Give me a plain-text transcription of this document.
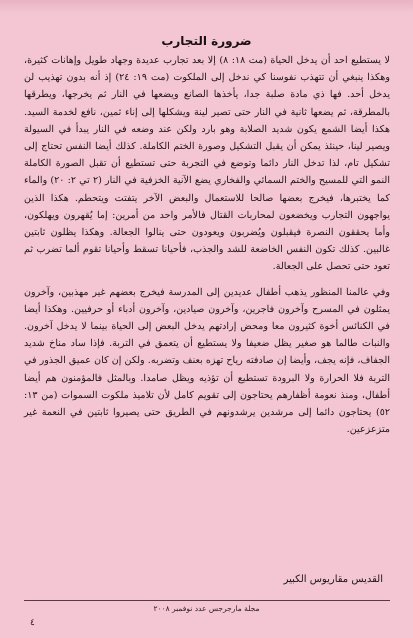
ضرورة التجارب

لا يستطيع احد أن يدخل الحياة (مت ١٨: ٨) إلا بعد تجارب عديدة وجهاد طويل وإهانات كثيرة، وهكذا ينبغي أن تتهذب نفوسنا كي ندخل إلى الملكوت (مت ١٩: ٢٤) إذ أنه بدون تهذيب لن يدخل أحد. فها ذي مادة صلبة جدا، يأخذها الصانع ويضعها في النار ثم يخرجها، ويطرقها بالمطرقة، ثم يضعها ثانية في النار حتى تصير لينة ويشكلها إلى إناء ثمين، نافع لخدمة السيد. هكذا أيضا الشمع يكون شديد الصلابة وهو بارد ولكن عند وضعه في النار يبدأ في السيولة ويصير لينا، حينئذ يمكن أن يقبل التشكيل وصورة الختم الكاملة. كذلك أيضا النفس تحتاج إلى تشكيل تام، لذا تدخل النار دائما وتوضع في التجربة حتى تستطيع أن تقبل الصورة الكاملة النمو التي للمسيح والختم السمائي والفخاري يضع الآنية الخزفية في النار (٢ تي ٢: ٢٠) والماء كما يختبرها، فيخرج بعضها صالحا للاستعمال والبعض الآخر يتفتت ويتحطم. هكذا الذين يواجهون التجارب ويخضعون لمحاربات القتال فالأمر واحد من أمرين: إما يُقهرون ويهلكون، وأما يحققون النصرة فيقبلون ويُضربون ويعودون حتى ينالوا الجعالة. وهكذا يظلون ثابتين غالبين. كذلك تكون النفس الخاضعة للشد والجذب، فأحيانا تسقط وأحيانا تقوم ألما تضرب ثم تعود حتى تحصل على الجعالة.

وفي عالمنا المنظور يذهب أطفال عديدين إلى المدرسة فيخرج بعضهم غير مهذبين، وآخرون يمثلون في المسرح وآخرون فاجرين، وآخرون صيادين، وآخرون أدباء أو حرفيين. وهكذا أيضا في الكنائس أخوة كثيرون معا ومحض إرادتهم يدخل البعض إلى الحياة بينما لا يدخل آخرون. والنبات طالما هو صغير يظل ضعيفا ولا يستطيع أن يتعمق في التربة. فإذا ساد مناخ شديد الجفاف، فإنه يجف، وأيضا إن صادفته رياح تهزه بعنف وتضربه. ولكن إن كان عميق الجذور في التربة فلا الحرارة ولا البرودة تستطيع أن تؤذيه ويظل صامدا. وبالمثل فالمؤمنون هم أيضا أطفال، ومنذ نعومة أظفارهم يحتاجون إلى تقويم كامل لأن تلاميذ ملكوت السموات (من ١٣: ٥٢) يحتاجون دائما إلى مرشدين يرشدونهم في الطريق حتى يصيروا ثابتين في النعمة غير متزعزعين.

القديس مقاريوس الكبير
مجلة مارجرجس عدد نوفمبر ٢٠٠٨
٤
